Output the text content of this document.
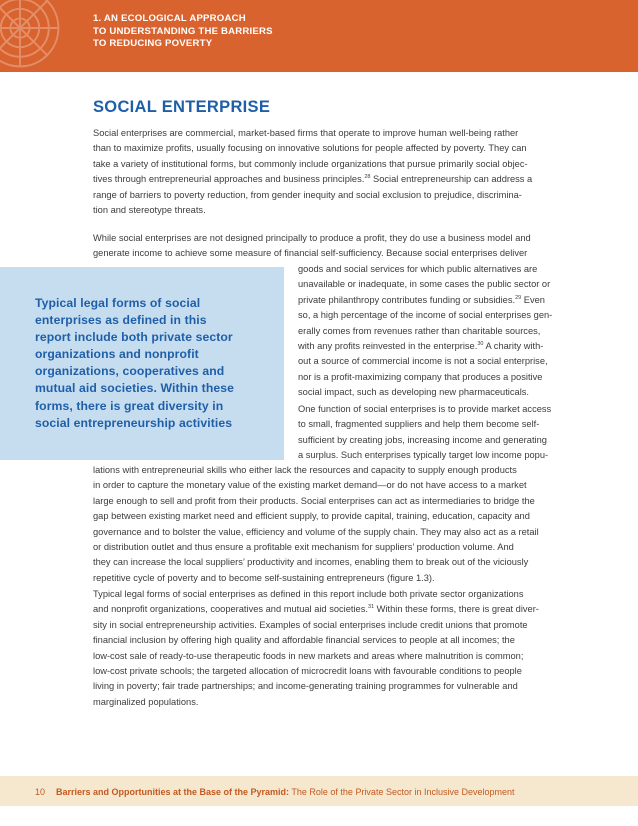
1. AN ECOLOGICAL APPROACH
TO UNDERSTANDING THE BARRIERS
TO REDUCING POVERTY
SOCIAL ENTERPRISE
Social enterprises are commercial, market-based firms that operate to improve human well-being rather
than to maximize profits, usually focusing on innovative solutions for people affected by poverty. They can
take a variety of institutional forms, but commonly include organizations that pursue primarily social objec-
tives through entrepreneurial approaches and business principles.$^{28}$ Social entrepreneurship can address a
range of barriers to poverty reduction, from gender inequity and social exclusion to prejudice, discrimina-
tion and stereotype threats.
While social enterprises are not designed principally to produce a profit, they do use a business model and
generate income to achieve some measure of financial self-sufficiency. Because social enterprises deliver
goods and social services for which public alternatives are
unavailable or inadequate, in some cases the public sector or
private philanthropy contributes funding or subsidies.$^{29}$ Even
so, a high percentage of the income of social enterprises gen-
erally comes from revenues rather than charitable sources,
with any profits reinvested in the enterprise.$^{30}$ A charity with-
out a source of commercial income is not a social enterprise,
nor is a profit-maximizing company that produces a positive
social impact, such as developing new pharmaceuticals.
Typical legal forms of social
enterprises as defined in this
report include both private sector
organizations and nonprofit
organizations, cooperatives and
mutual aid societies. Within these
forms, there is great diversity in
social entrepreneurship activities
One function of social enterprises is to provide market access
to small, fragmented suppliers and help them become self-
sufficient by creating jobs, increasing income and generating
a surplus. Such enterprises typically target low income popu-
lations with entrepreneurial skills who either lack the resources and capacity to supply enough products
in order to capture the monetary value of the existing market demand—or do not have access to a market
large enough to sell and profit from their products. Social enterprises can act as intermediaries to bridge the
gap between existing market need and efficient supply, to provide capital, training, education, capacity and
governance and to bolster the value, efficiency and volume of the supply chain. They may also act as a retail
or distribution outlet and thus ensure a profitable exit mechanism for suppliers’ production volume. And
they can increase the local suppliers’ productivity and incomes, enabling them to break out of the viciously
repetitive cycle of poverty and to become self-sustaining entrepreneurs (figure 1.3).
Typical legal forms of social enterprises as defined in this report include both private sector organizations
and nonprofit organizations, cooperatives and mutual aid societies.$^{31}$ Within these forms, there is great diver-
sity in social entrepreneurship activities. Examples of social enterprises include credit unions that promote
financial inclusion by offering high quality and affordable financial services to people at all incomes; the
low-cost sale of ready-to-use therapeutic foods in new markets and areas where malnutrition is common;
low-cost private schools; the targeted allocation of microcredit loans with favourable conditions to people
living in poverty; fair trade partnerships; and income-generating training programmes for vulnerable and
marginalized populations.
10 Barriers and Opportunities at the Base of the Pyramid: The Role of the Private Sector in Inclusive Development
